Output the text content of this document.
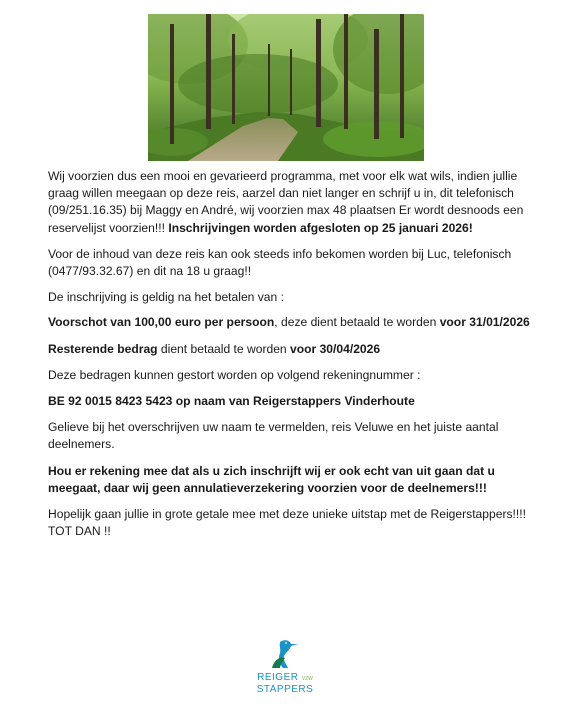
Wij voorzien dus een mooi en gevarieerd programma, met voor elk wat wils, indien jullie graag willen meegaan op deze reis, aarzel dan niet langer en schrijf u in, dit telefonisch (09/251.16.35) bij Maggy en André, wij voorzien max 48 plaatsen Er wordt desnoods een reservelijst voorzien!!! Inschrijvingen worden afgesloten op 25 januari 2026!

Voor de inhoud van deze reis kan ook steeds info bekomen worden bij Luc, telefonisch (0477/93.32.67) en dit na 18 u graag!!

De inschrijving is geldig na het betalen van :

Voorschot van 100,00 euro per persoon, deze dient betaald te worden voor 31/01/2026

Resterende bedrag dient betaald te worden voor 30/04/2026

Deze bedragen kunnen gestort worden op volgend rekeningnummer :

BE 92 0015 8423 5423 op naam van Reigerstappers Vinderhoute

Gelieve bij het overschrijven uw naam te vermelden, reis Veluwe en het juiste aantal deelnemers.

Hou er rekening mee dat als u zich inschrijft wij er ook echt van uit gaan dat u meegaat, daar wij geen annulatieverzekering voorzien voor de deelnemers!!!

Hopelijk gaan jullie in grote getale mee met deze unieke uitstap met de Reigerstappers!!!! TOT DAN !!

REIGER VZW
STAPPERS
